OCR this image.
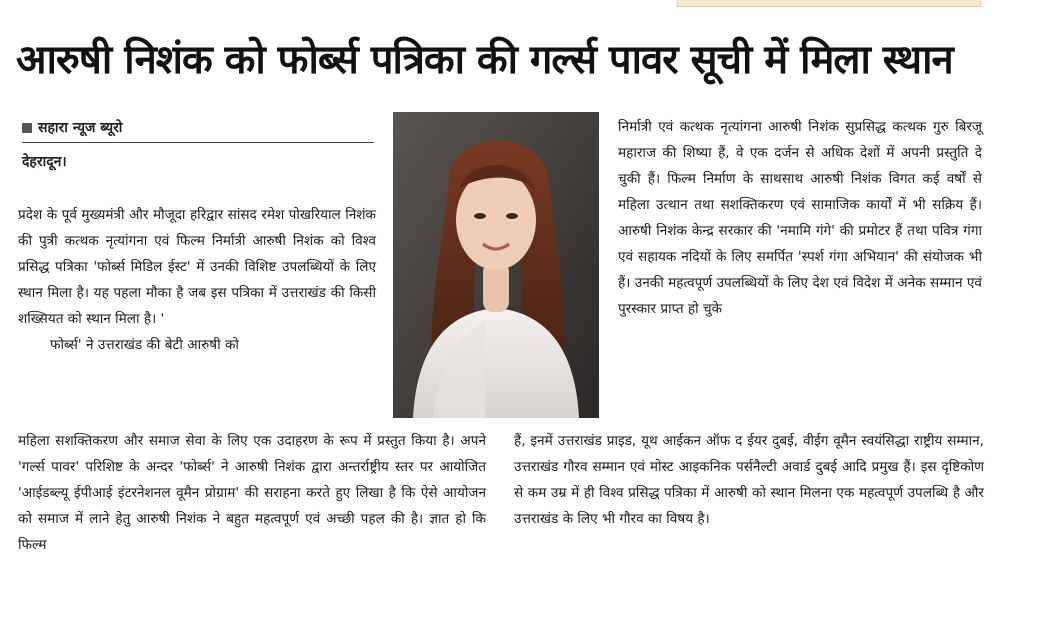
आरुषी निशंक को फोर्ब्स पत्रिका की गर्ल्स पावर सूची में मिला स्थान
सहारा न्यूज ब्यूरो
देहरादून।

प्रदेश के पूर्व मुख्यमंत्री और मौजूदा हरिद्वार सांसद रमेश पोखरियाल निशंक की पुत्री कत्थक नृत्यांगना एवं फिल्म निर्मात्री आरुषी निशंक को विश्व प्रसिद्ध पत्रिका 'फोर्ब्स मिडिल ईस्ट' में उनकी विशिष्ट उपलब्धियों के लिए स्थान मिला है। यह पहला मौका है जब इस पत्रिका में उत्तराखंड की किसी शख्सियत को स्थान मिला है। '

फोर्ब्स' ने उत्तराखंड की बेटी आरुषी को

महिला सशक्तिकरण और समाज सेवा के लिए एक उदाहरण के रूप में प्रस्तुत किया है। अपने 'गर्ल्स पावर' परिशिष्ट के अन्दर 'फोर्ब्स' ने आरुषी निशंक द्वारा अन्तर्राष्ट्रीय स्तर पर आयोजित 'आईडब्ल्यू ईपीआई इंटरनेशनल वूमैन प्रोग्राम' की सराहना करते हुए लिखा है कि ऐसे आयोजन को समाज में लाने हेतु आरुषी निशंक ने बहुत महत्वपूर्ण एवं अच्छी पहल की है। ज्ञात हो कि फिल्म

निर्मात्री एवं कत्थक नृत्यांगना आरुषी निशंक सुप्रसिद्ध कत्थक गुरु बिरजू महाराज की शिष्या हैं, वे एक दर्जन से अधिक देशों में अपनी प्रस्तुति दे चुकी हैं। फिल्म निर्माण के साथसाथ आरुषी निशंक विगत कई वर्षों से महिला उत्थान तथा सशक्तिकरण एवं सामाजिक कार्यों में भी सक्रिय हैं। आरुषी निशंक केन्द्र सरकार की 'नमामि गंगे' की प्रमोटर हैं तथा पवित्र गंगा एवं सहायक नदियों के लिए समर्पित 'स्पर्श गंगा अभियान' की संयोजक भी हैं। उनकी महत्वपूर्ण उपलब्धियों के लिए देश एवं विदेश में अनेक सम्मान एवं पुरस्कार प्राप्त हो चुके

हैं, इनमें उत्तराखंड प्राइड, यूथ आईकन ऑफ द ईयर दुबई, वीईग वूमैन स्वयंसिद्धा राष्ट्रीय सम्मान, उत्तराखंड गौरव सम्मान एवं मोस्ट आइकनिक पर्सनैल्टी अवार्ड दुबई आदि प्रमुख हैं। इस दृष्टिकोण से कम उम्र में ही विश्व प्रसिद्ध पत्रिका में आरुषी को स्थान मिलना एक महत्वपूर्ण उपलब्धि है और उत्तराखंड के लिए भी गौरव का विषय है।
